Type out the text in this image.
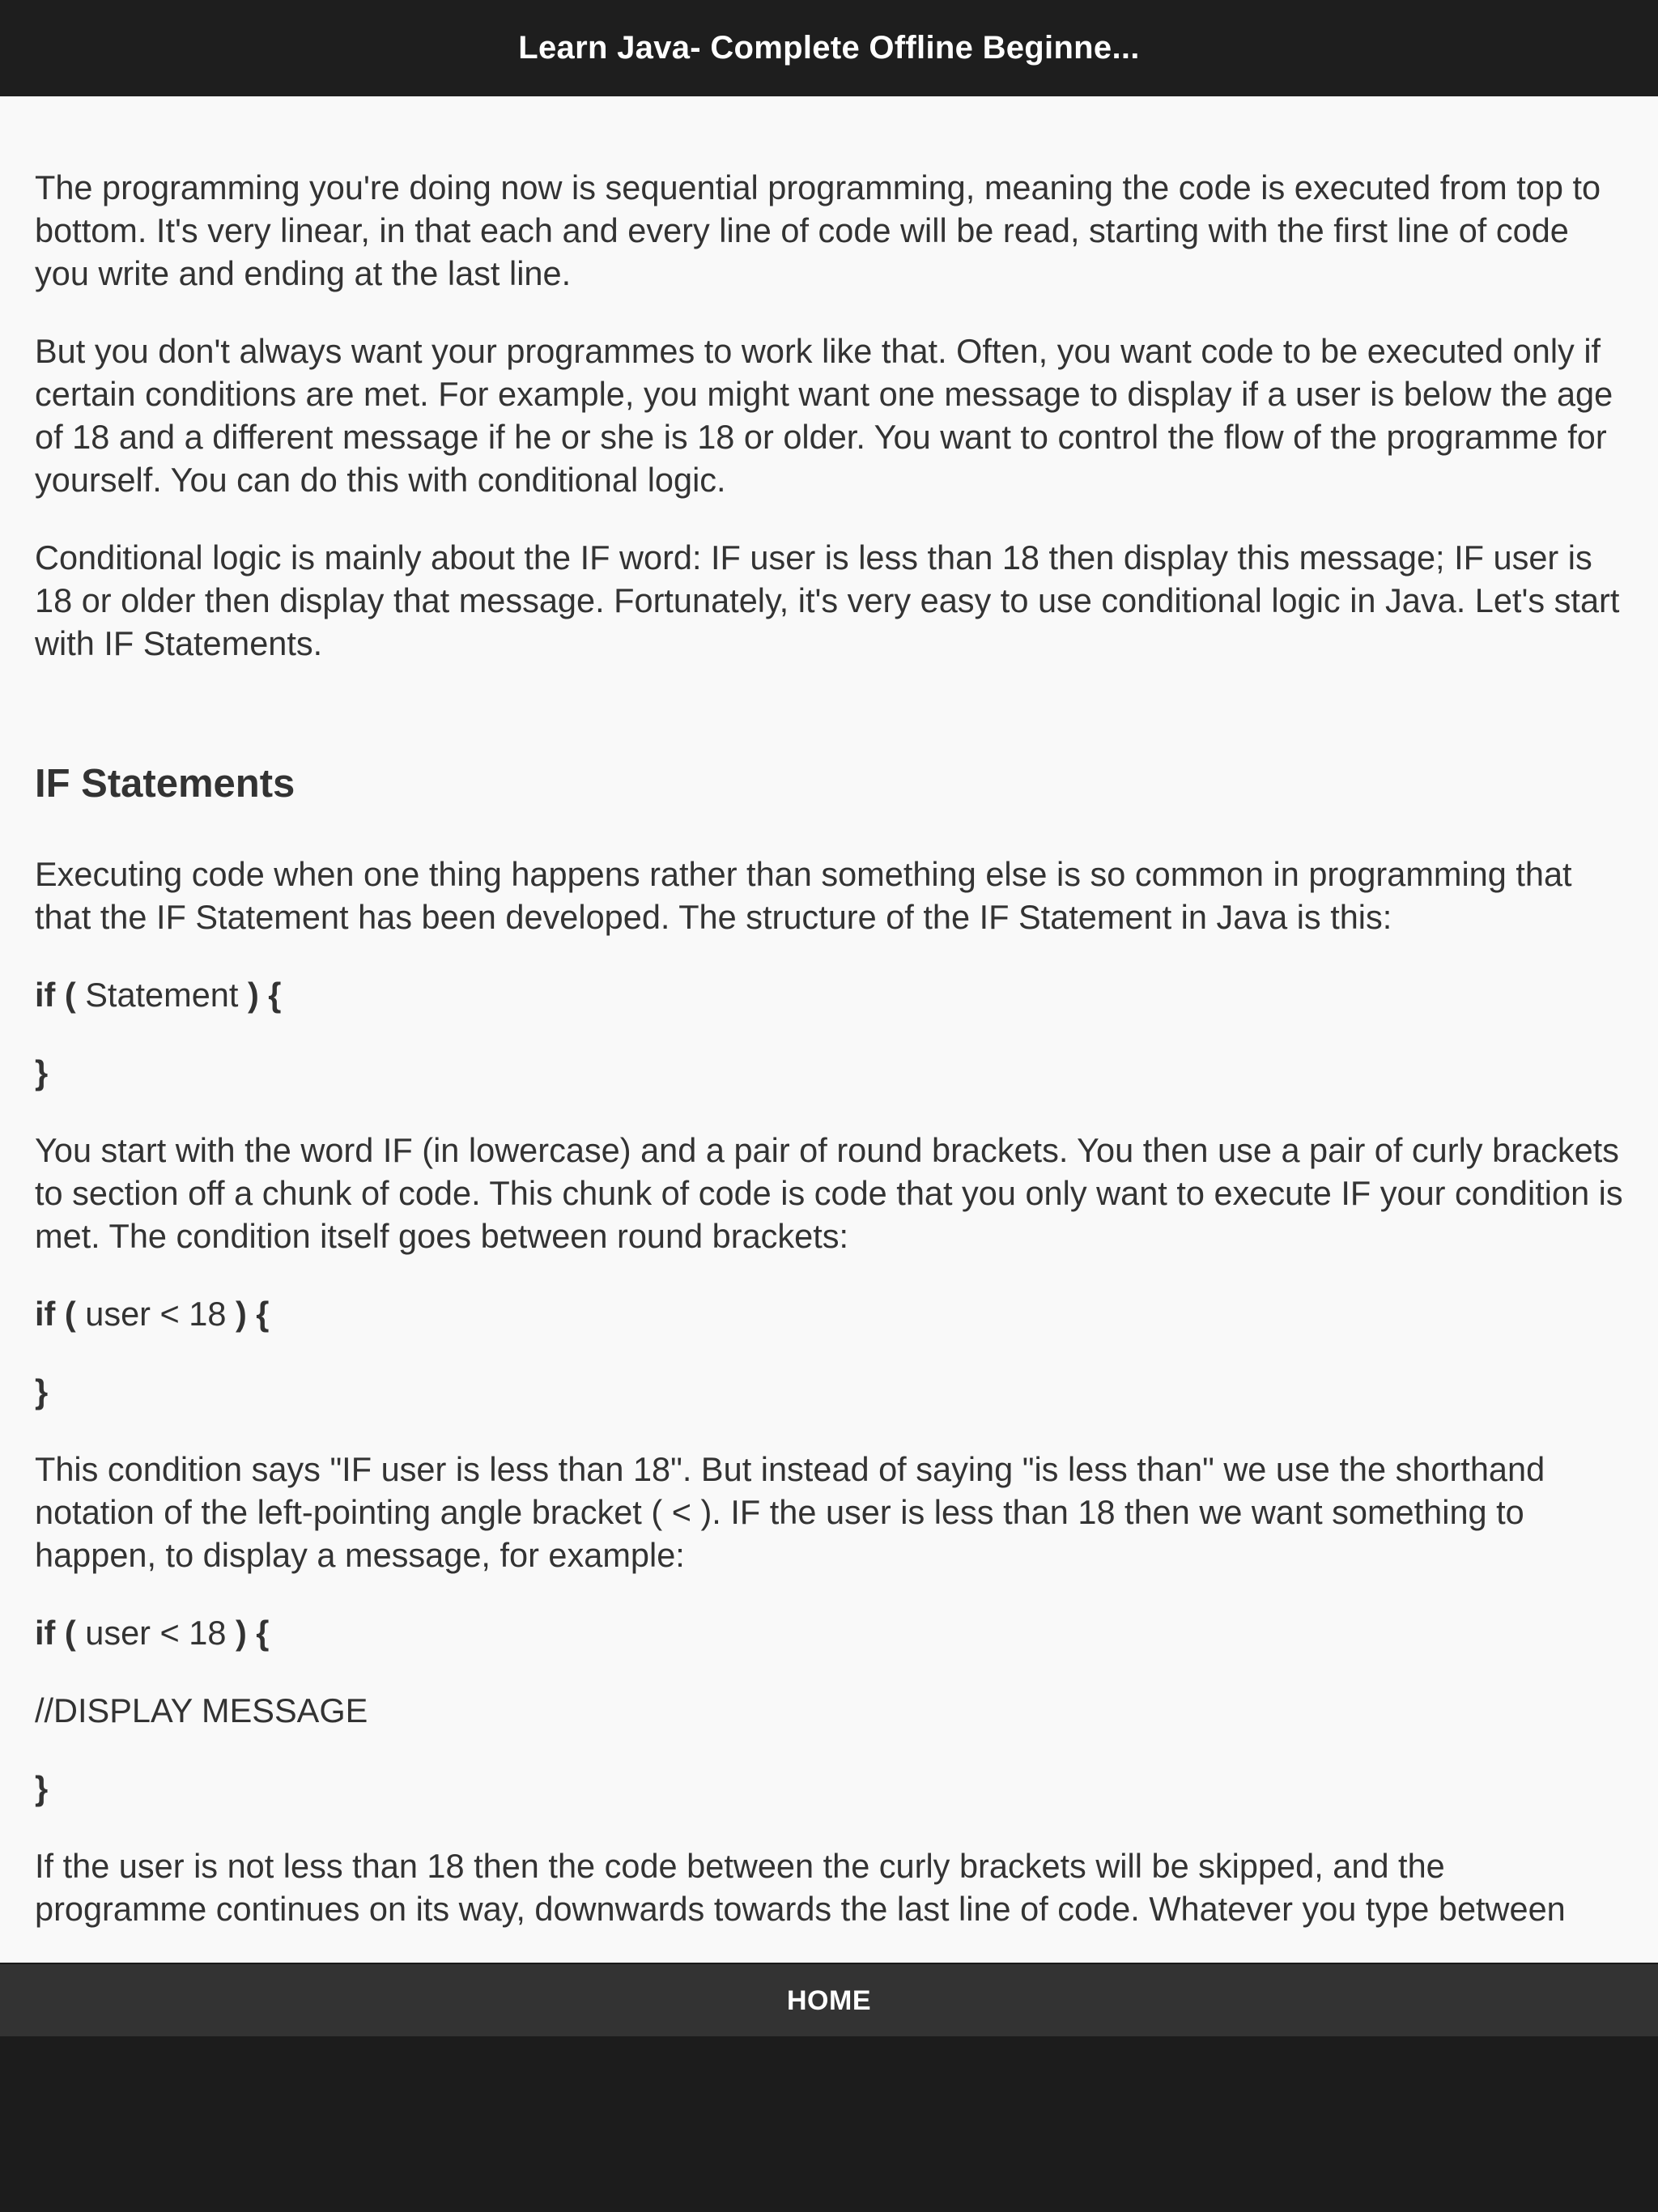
Learn Java- Complete Offline Beginne...

The programming you're doing now is sequential programming, meaning the code is executed from top to bottom. It's very linear, in that each and every line of code will be read, starting with the first line of code you write and ending at the last line.

But you don't always want your programmes to work like that. Often, you want code to be executed only if certain conditions are met. For example, you might want one message to display if a user is below the age of 18 and a different message if he or she is 18 or older. You want to control the flow of the programme for yourself. You can do this with conditional logic.

Conditional logic is mainly about the IF word: IF user is less than 18 then display this message; IF user is 18 or older then display that message. Fortunately, it's very easy to use conditional logic in Java. Let's start with IF Statements.

IF Statements

Executing code when one thing happens rather than something else is so common in programming that that the IF Statement has been developed. The structure of the IF Statement in Java is this:

if ( Statement ) {
}

You start with the word IF (in lowercase) and a pair of round brackets. You then use a pair of curly brackets to section off a chunk of code. This chunk of code is code that you only want to execute IF your condition is met. The condition itself goes between round brackets:

if ( user < 18 ) {
}

This condition says "IF user is less than 18". But instead of saying "is less than" we use the shorthand notation of the left-pointing angle bracket ( < ). IF the user is less than 18 then we want something to happen, to display a message, for example:

if ( user < 18 ) {
//DISPLAY MESSAGE
}

If the user is not less than 18 then the code between the curly brackets will be skipped, and the programme continues on its way, downwards towards the last line of code. Whatever you type between

HOME
